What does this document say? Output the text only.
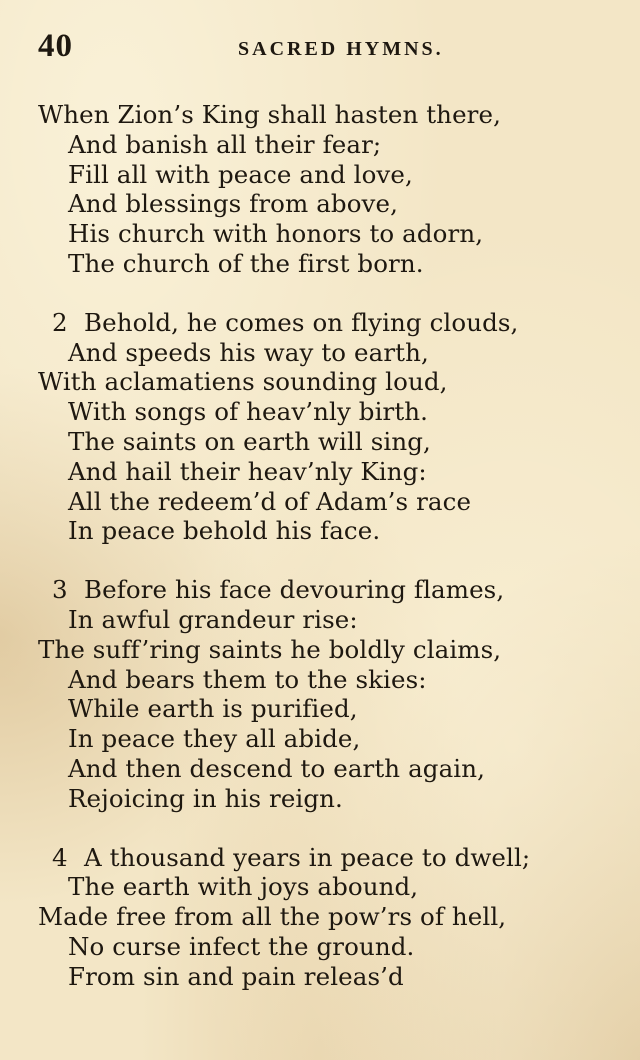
40	SACRED HYMNS.
When Zion’s King shall hasten there,
And banish all their fear;
Fill all with peace and love,
And blessings from above,
His church with honors to adorn,
The church of the first born.
2 Behold, he comes on flying clouds,
And speeds his way to earth,
With aclamatiens sounding loud,
With songs of heav’nly birth.
The saints on earth will sing,
And hail their heav’nly King:
All the redeem’d of Adam’s race
In peace behold his face.
3 Before his face devouring flames,
In awful grandeur rise:
The suff’ring saints he boldly claims,
And bears them to the skies:
While earth is purified,
In peace they all abide,
And then descend to earth again,
Rejoicing in his reign.
4 A thousand years in peace to dwell;
The earth with joys abound,
Made free from all the pow’rs of hell,
No curse infect the ground.
From sin and pain releas’d
